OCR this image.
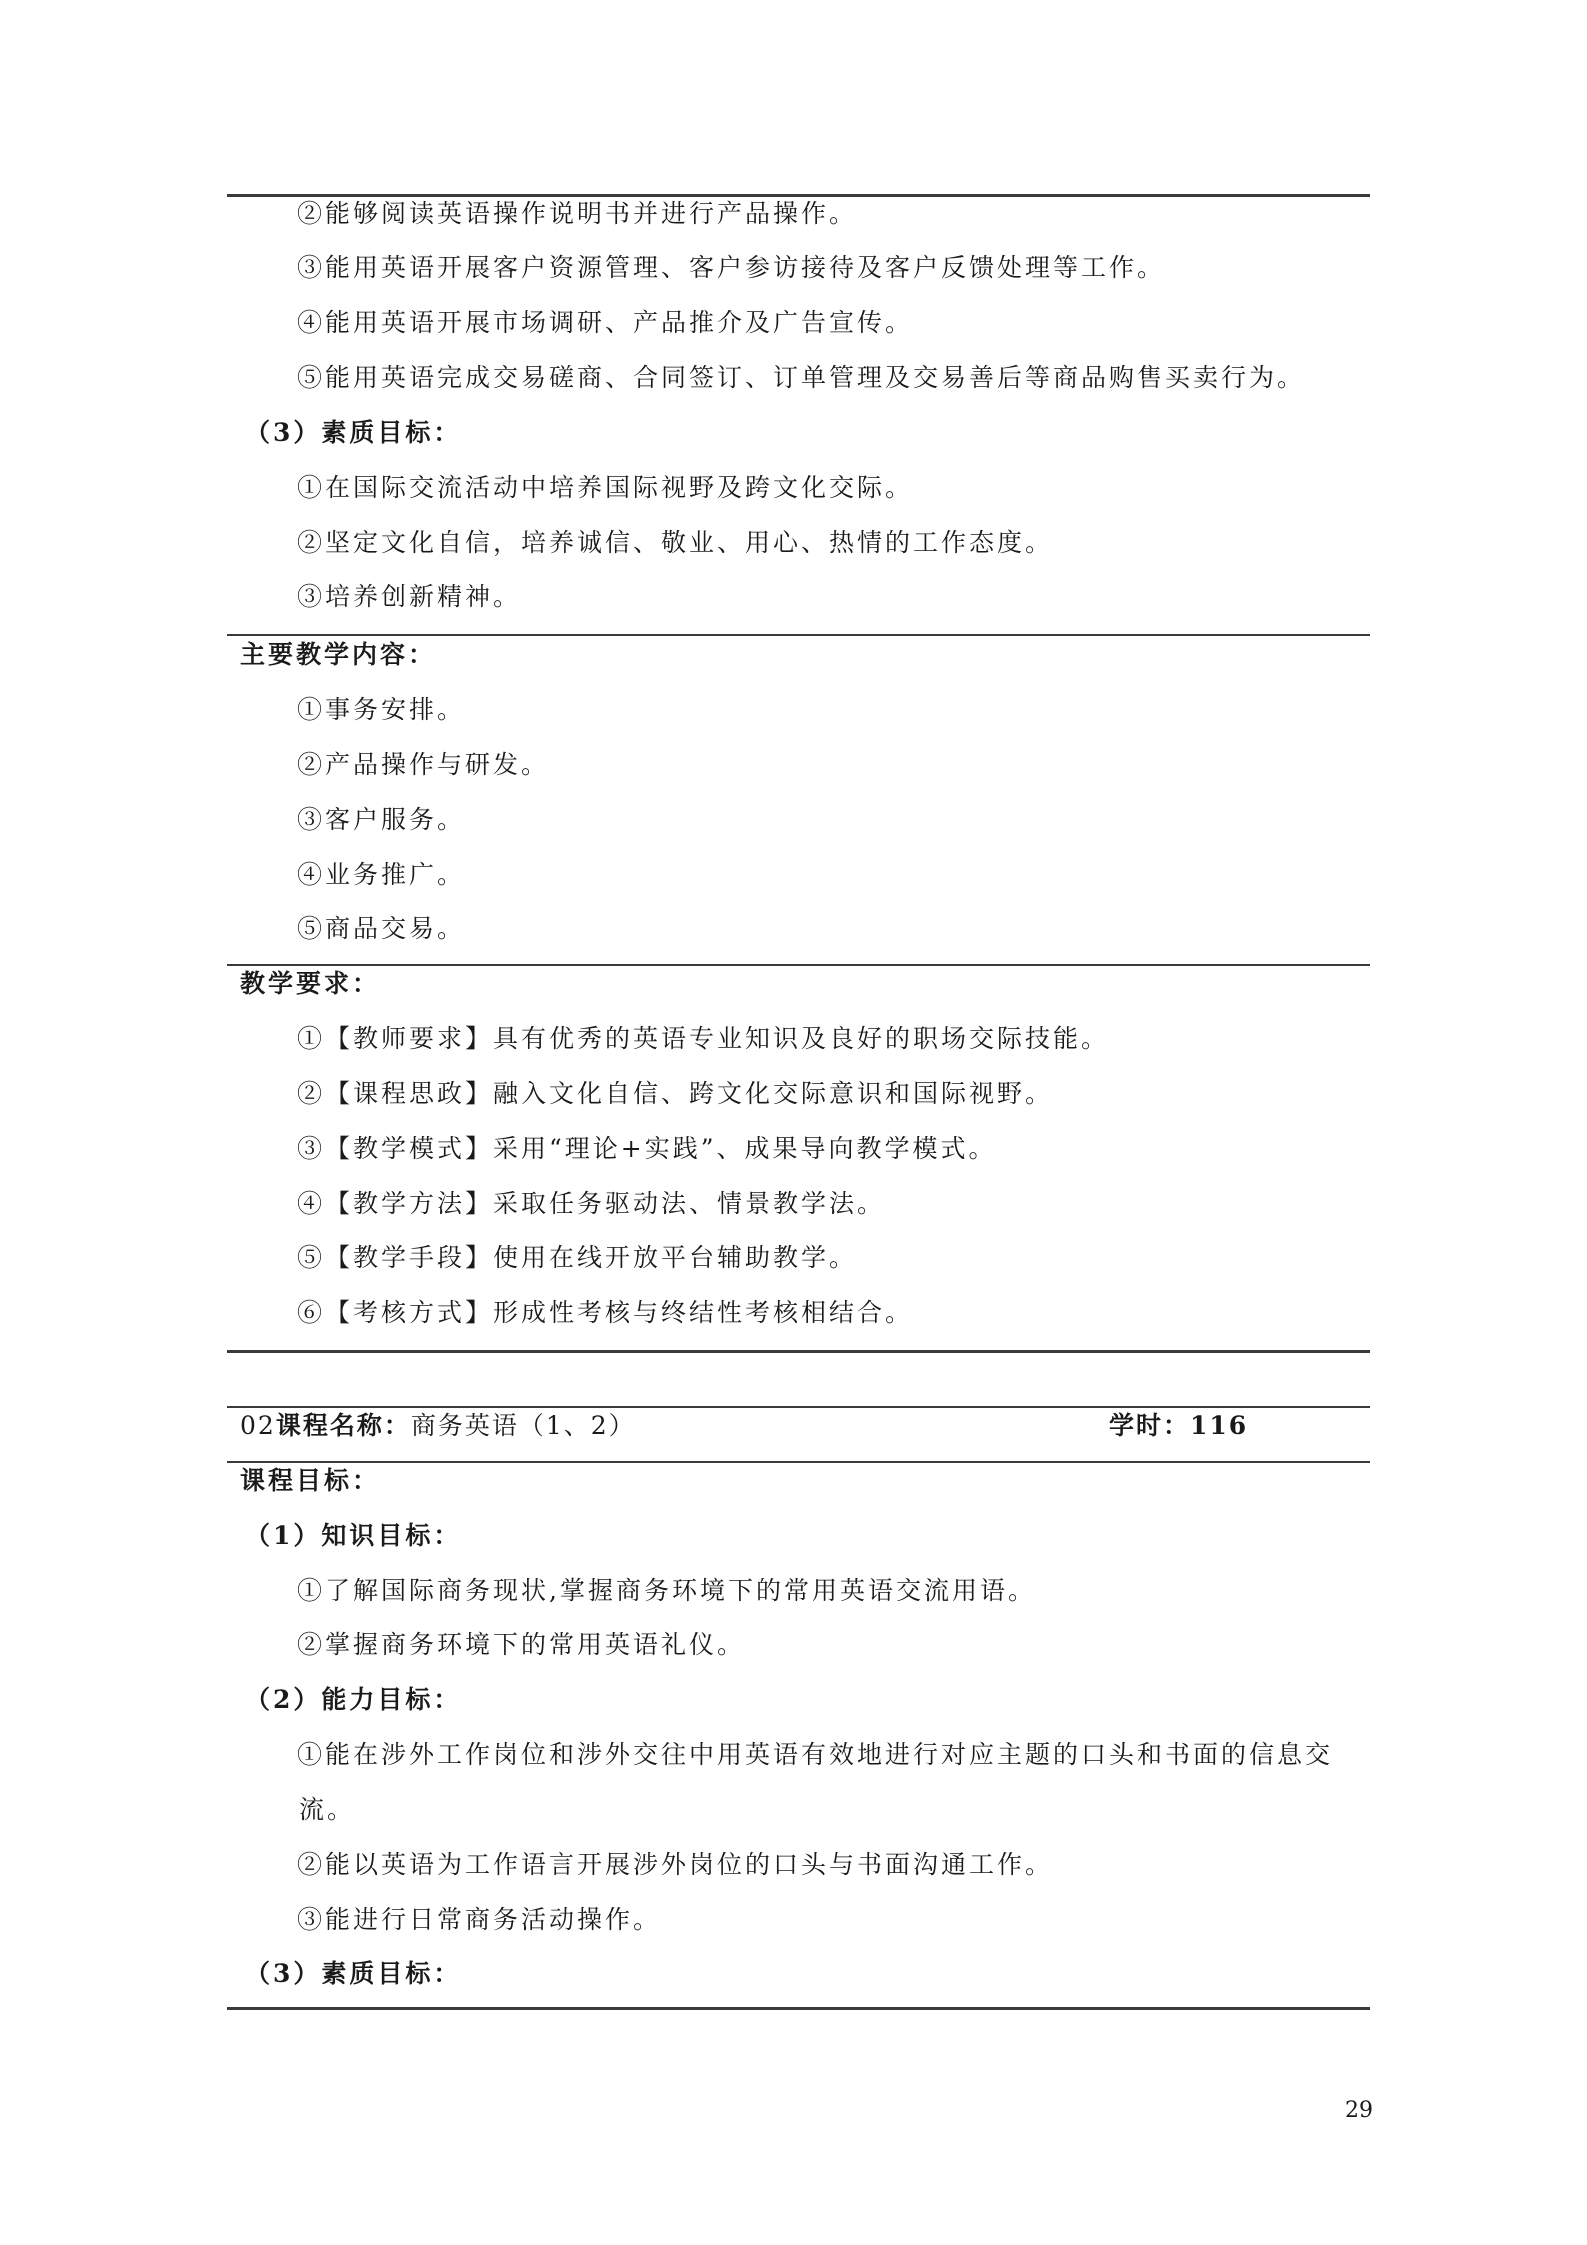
②能够阅读英语操作说明书并进行产品操作。
③能用英语开展客户资源管理、客户参访接待及客户反馈处理等工作。
④能用英语开展市场调研、产品推介及广告宣传。
⑤能用英语完成交易磋商、合同签订、订单管理及交易善后等商品购售买卖行为。
（3）素质目标：
①在国际交流活动中培养国际视野及跨文化交际。
②坚定文化自信，培养诚信、敬业、用心、热情的工作态度。
③培养创新精神。
主要教学内容：
①事务安排。
②产品操作与研发。
③客户服务。
④业务推广。
⑤商品交易。
教学要求：
①【教师要求】具有优秀的英语专业知识及良好的职场交际技能。
②【课程思政】融入文化自信、跨文化交际意识和国际视野。
③【教学模式】采用“理论+实践”、成果导向教学模式。
④【教学方法】采取任务驱动法、情景教学法。
⑤【教学手段】使用在线开放平台辅助教学。
⑥【考核方式】形成性考核与终结性考核相结合。
02课程名称：商务英语（1、2）	学时：116
课程目标：
（1）知识目标：
①了解国际商务现状,掌握商务环境下的常用英语交流用语。
②掌握商务环境下的常用英语礼仪。
（2）能力目标：
①能在涉外工作岗位和涉外交往中用英语有效地进行对应主题的口头和书面的信息交
流。
②能以英语为工作语言开展涉外岗位的口头与书面沟通工作。
③能进行日常商务活动操作。
（3）素质目标：
29
